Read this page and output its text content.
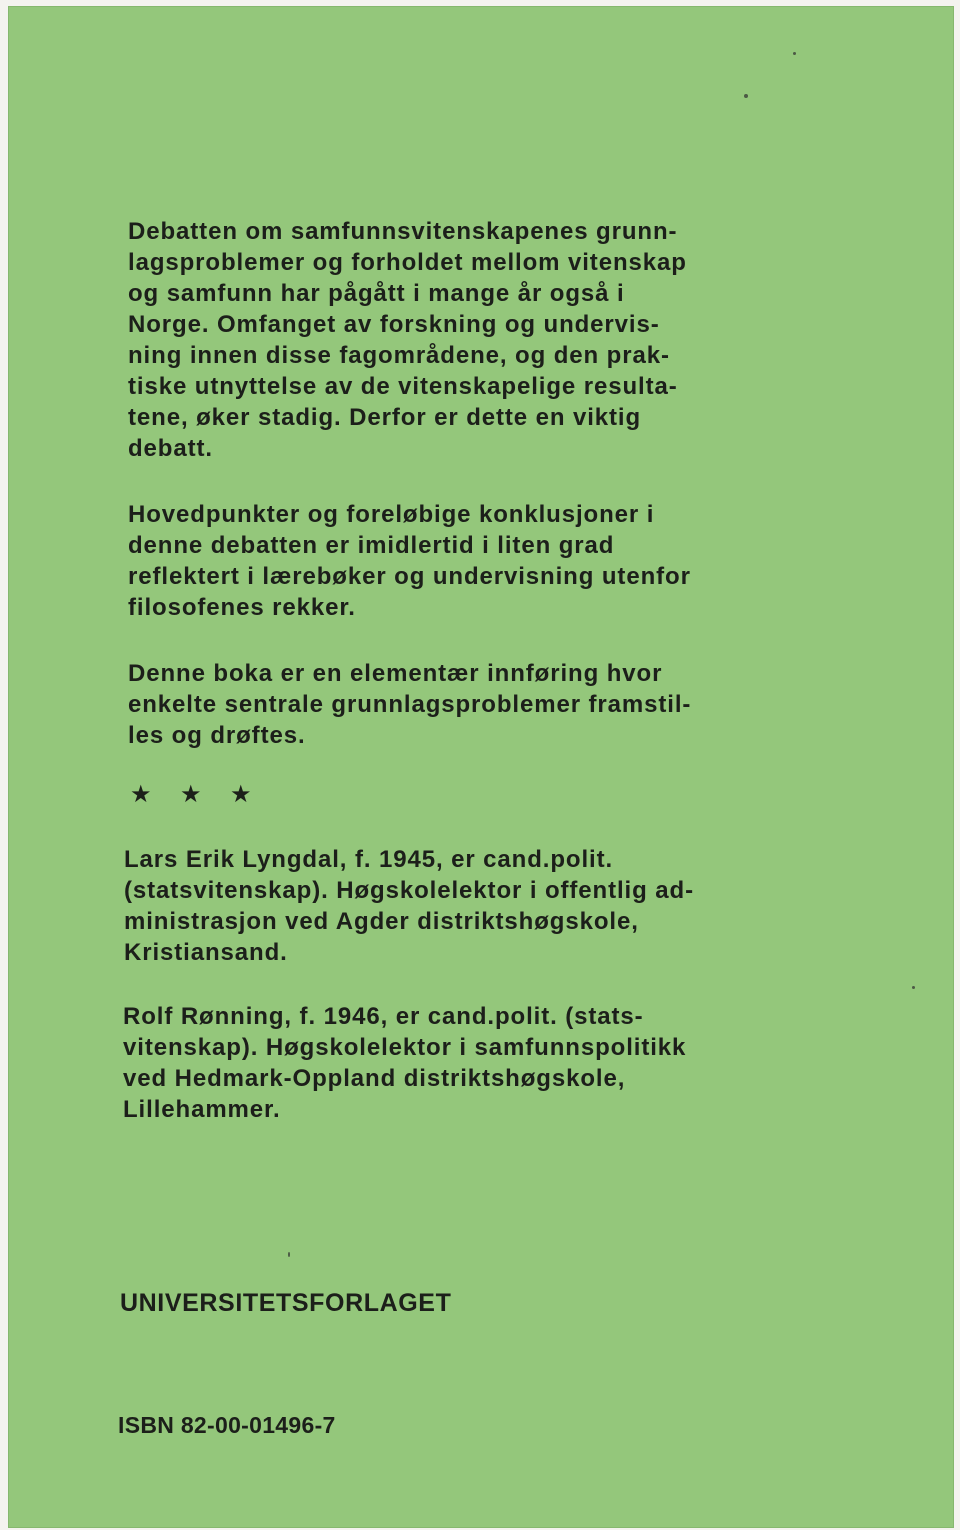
Debatten om samfunnsvitenskapenes grunn-
lagsproblemer og forholdet mellom vitenskap
og samfunn har pågått i mange år også i
Norge. Omfanget av forskning og undervis-
ning innen disse fagområdene, og den prak-
tiske utnyttelse av de vitenskapelige resulta-
tene, øker stadig. Derfor er dette en viktig
debatt.
Hovedpunkter og foreløbige konklusjoner i
denne debatten er imidlertid i liten grad
reflektert i lærebøker og undervisning utenfor
filosofenes rekker.
Denne boka er en elementær innføring hvor
enkelte sentrale grunnlagsproblemer framstil-
les og drøftes.
★	★	★
Lars Erik Lyngdal, f. 1945, er cand.polit.
(statsvitenskap). Høgskolelektor i offentlig ad-
ministrasjon ved Agder distriktshøgskole,
Kristiansand.
Rolf Rønning, f. 1946, er cand.polit. (stats-
vitenskap). Høgskolelektor i samfunnspolitikk
ved Hedmark-Oppland distriktshøgskole,
Lillehammer.

UNIVERSITETSFORLAGET

ISBN 82-00-01496-7
